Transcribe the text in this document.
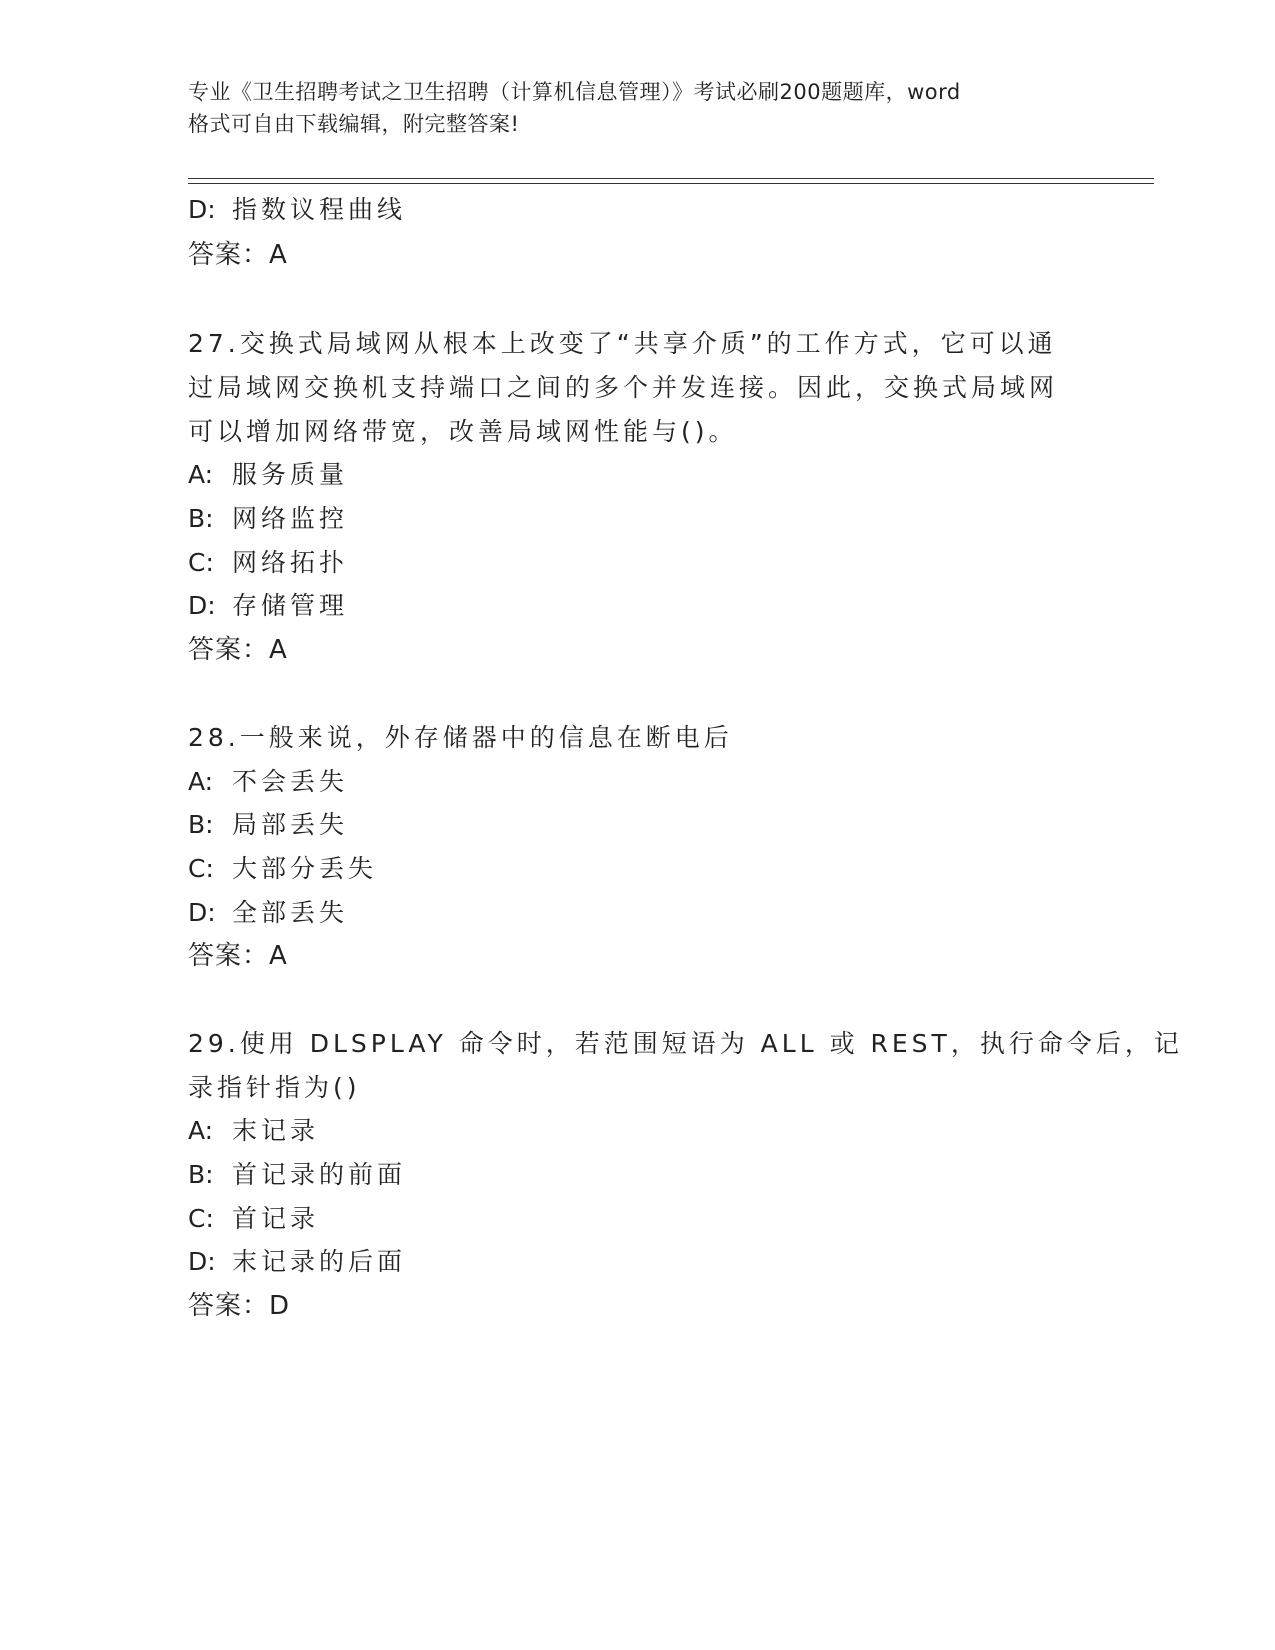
专业《卫生招聘考试之卫生招聘（计算机信息管理）》考试必刷200题题库，word
格式可自由下载编辑，附完整答案!
D: 指数议程曲线
答案：A
27.交换式局域网从根本上改变了“共享介质”的工作方式，它可以通
过局域网交换机支持端口之间的多个并发连接。因此，交换式局域网
可以增加网络带宽，改善局域网性能与()。
A: 服务质量
B: 网络监控
C: 网络拓扑
D: 存储管理
答案：A
28.一般来说，外存储器中的信息在断电后
A: 不会丢失
B: 局部丢失
C: 大部分丢失
D: 全部丢失
答案：A
29.使用 DLSPLAY 命令时，若范围短语为 ALL 或 REST，执行命令后，记
录指针指为()
A: 末记录
B: 首记录的前面
C: 首记录
D: 末记录的后面
答案：D
